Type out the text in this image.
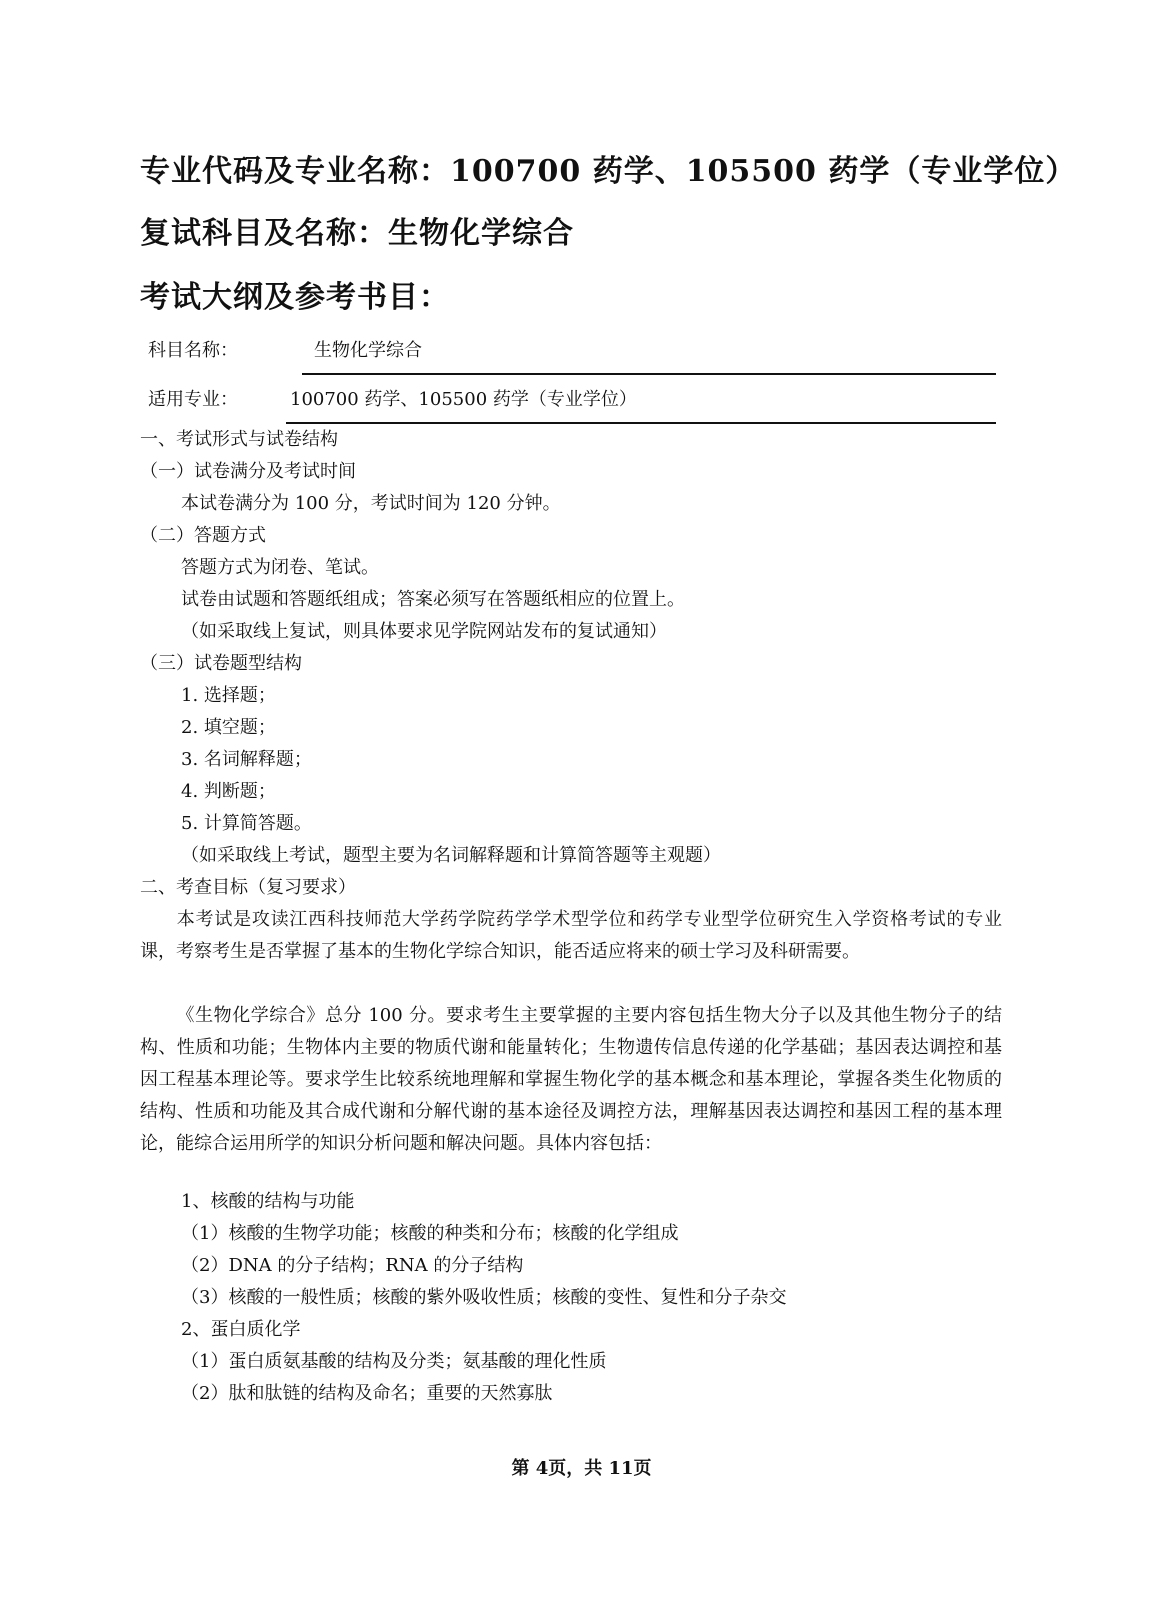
专业代码及专业名称：100700 药学、105500 药学（专业学位）
复试科目及名称：生物化学综合
考试大纲及参考书目：
科目名称：	生物化学综合
适用专业：	100700 药学、105500 药学（专业学位）
一、考试形式与试卷结构
（一）试卷满分及考试时间
本试卷满分为 100 分，考试时间为 120 分钟。
（二）答题方式
答题方式为闭卷、笔试。
试卷由试题和答题纸组成；答案必须写在答题纸相应的位置上。
（如采取线上复试，则具体要求见学院网站发布的复试通知）
（三）试卷题型结构
1. 选择题；
2. 填空题；
3. 名词解释题；
4. 判断题；
5. 计算简答题。
（如采取线上考试，题型主要为名词解释题和计算简答题等主观题）
二、考查目标（复习要求）
本考试是攻读江西科技师范大学药学院药学学术型学位和药学专业型学位研究生入学资格考试的专业课，考察考生是否掌握了基本的生物化学综合知识，能否适应将来的硕士学习及科研需要。
《生物化学综合》总分 100 分。要求考生主要掌握的主要内容包括生物大分子以及其他生物分子的结构、性质和功能；生物体内主要的物质代谢和能量转化；生物遗传信息传递的化学基础；基因表达调控和基因工程基本理论等。要求学生比较系统地理解和掌握生物化学的基本概念和基本理论，掌握各类生化物质的结构、性质和功能及其合成代谢和分解代谢的基本途径及调控方法，理解基因表达调控和基因工程的基本理论，能综合运用所学的知识分析问题和解决问题。具体内容包括：
1、核酸的结构与功能
（1）核酸的生物学功能；核酸的种类和分布；核酸的化学组成
（2）DNA 的分子结构；RNA 的分子结构
（3）核酸的一般性质；核酸的紫外吸收性质；核酸的变性、复性和分子杂交
2、蛋白质化学
（1）蛋白质氨基酸的结构及分类；氨基酸的理化性质
（2）肽和肽链的结构及命名；重要的天然寡肽
第 4页，共 11页
